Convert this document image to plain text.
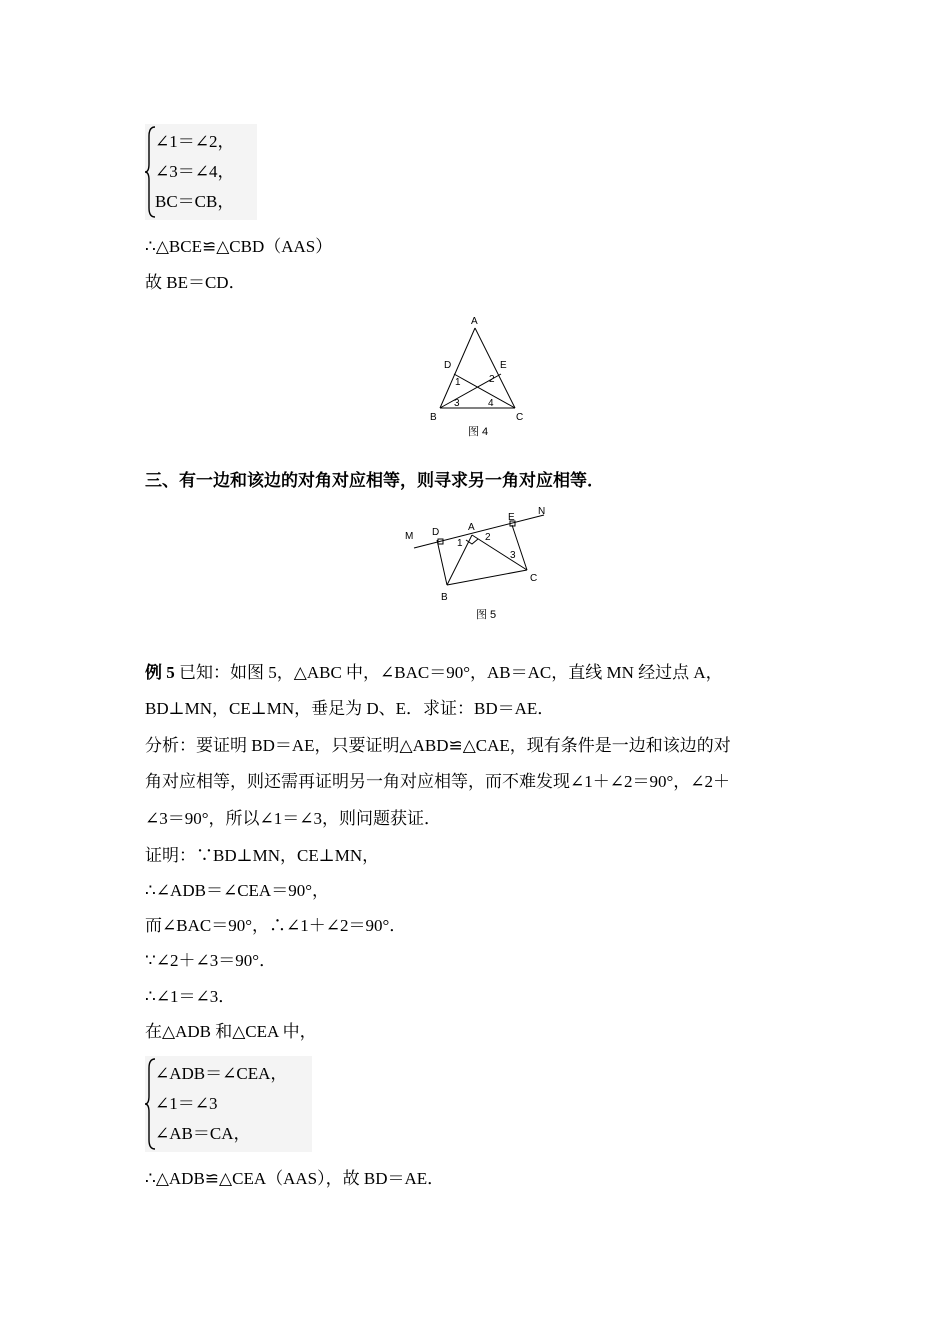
∠1＝∠2，
∠3＝∠4，
BC＝CB，
∴△BCE≌△CBD（AAS）
故 BE＝CD．
A
D	E
B	C
1	2
3	4
图 4
三、有一边和该边的对角对应相等，则寻求另一角对应相等．
M D	A
E
N
B
C
1
2
3
图 5
例 5 已知：如图 5，△ABC 中，∠BAC＝90°，AB＝AC，直线 MN 经过点 A，
BD⊥MN，CE⊥MN，垂足为 D、E．求证：BD＝AE．
分析：要证明 BD＝AE，只要证明△ABD≌△CAE，现有条件是一边和该边的对
角对应相等，则还需再证明另一角对应相等，而不难发现∠1＋∠2＝90°，∠2＋
∠3＝90°，所以∠1＝∠3，则问题获证．
证明：∵BD⊥MN，CE⊥MN，
∴∠ADB＝∠CEA＝90°，
而∠BAC＝90°，∴∠1＋∠2＝90°．
∵∠2＋∠3＝90°．
∴∠1＝∠3．
在△ADB 和△CEA 中，
∠ADB＝∠CEA，
∠1＝∠3
∠AB＝CA，
∴△ADB≌△CEA（AAS），故 BD＝AE．
